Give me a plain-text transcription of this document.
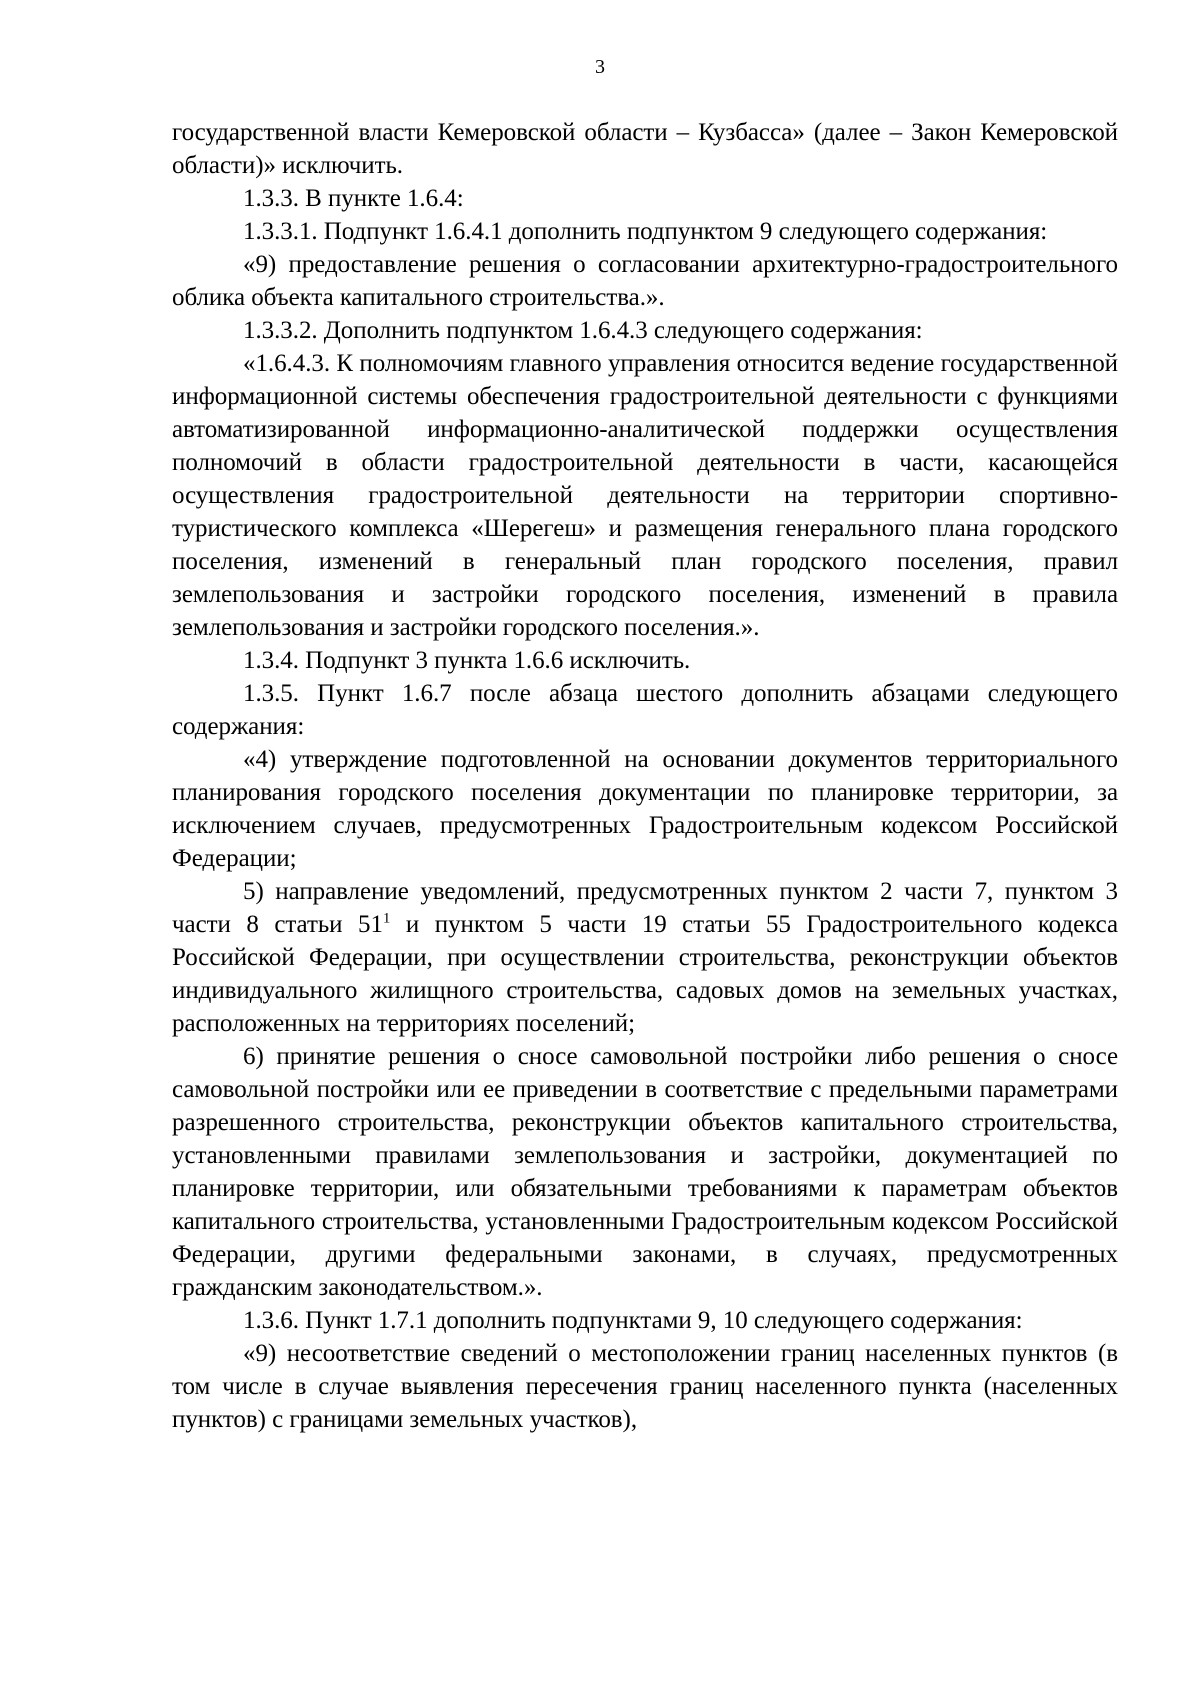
3

государственной власти Кемеровской области – Кузбасса» (далее – Закон Кемеровской области)» исключить.

1.3.3. В пункте 1.6.4:

1.3.3.1. Подпункт 1.6.4.1 дополнить подпунктом 9 следующего содержания:

«9) предоставление решения о согласовании архитектурно-градостроительного облика объекта капитального строительства.».

1.3.3.2. Дополнить подпунктом 1.6.4.3 следующего содержания:

«1.6.4.3. К полномочиям главного управления относится ведение государственной информационной системы обеспечения градостроительной деятельности с функциями автоматизированной информационно-аналитической поддержки осуществления полномочий в области градостроительной деятельности в части, касающейся осуществления градостроительной деятельности на территории спортивно-туристического комплекса «Шерегеш» и размещения генерального плана городского поселения, изменений в генеральный план городского поселения, правил землепользования и застройки городского поселения, изменений в правила землепользования и застройки городского поселения.».

1.3.4. Подпункт 3 пункта 1.6.6 исключить.

1.3.5. Пункт 1.6.7 после абзаца шестого дополнить абзацами следующего содержания:

«4) утверждение подготовленной на основании документов территориального планирования городского поселения документации по планировке территории, за исключением случаев, предусмотренных Градостроительным кодексом Российской Федерации;

5) направление уведомлений, предусмотренных пунктом 2 части 7, пунктом 3 части 8 статьи 51$^1$ и пунктом 5 части 19 статьи 55 Градостроительного кодекса Российской Федерации, при осуществлении строительства, реконструкции объектов индивидуального жилищного строительства, садовых домов на земельных участках, расположенных на территориях поселений;

6) принятие решения о сносе самовольной постройки либо решения о сносе самовольной постройки или ее приведении в соответствие с предельными параметрами разрешенного строительства, реконструкции объектов капитального строительства, установленными правилами землепользования и застройки, документацией по планировке территории, или обязательными требованиями к параметрам объектов капитального строительства, установленными Градостроительным кодексом Российской Федерации, другими федеральными законами, в случаях, предусмотренных гражданским законодательством.».

1.3.6. Пункт 1.7.1 дополнить подпунктами 9, 10 следующего содержания:

«9) несоответствие сведений о местоположении границ населенных пунктов (в том числе в случае выявления пересечения границ населенного пункта (населенных пунктов) с границами земельных участков),
